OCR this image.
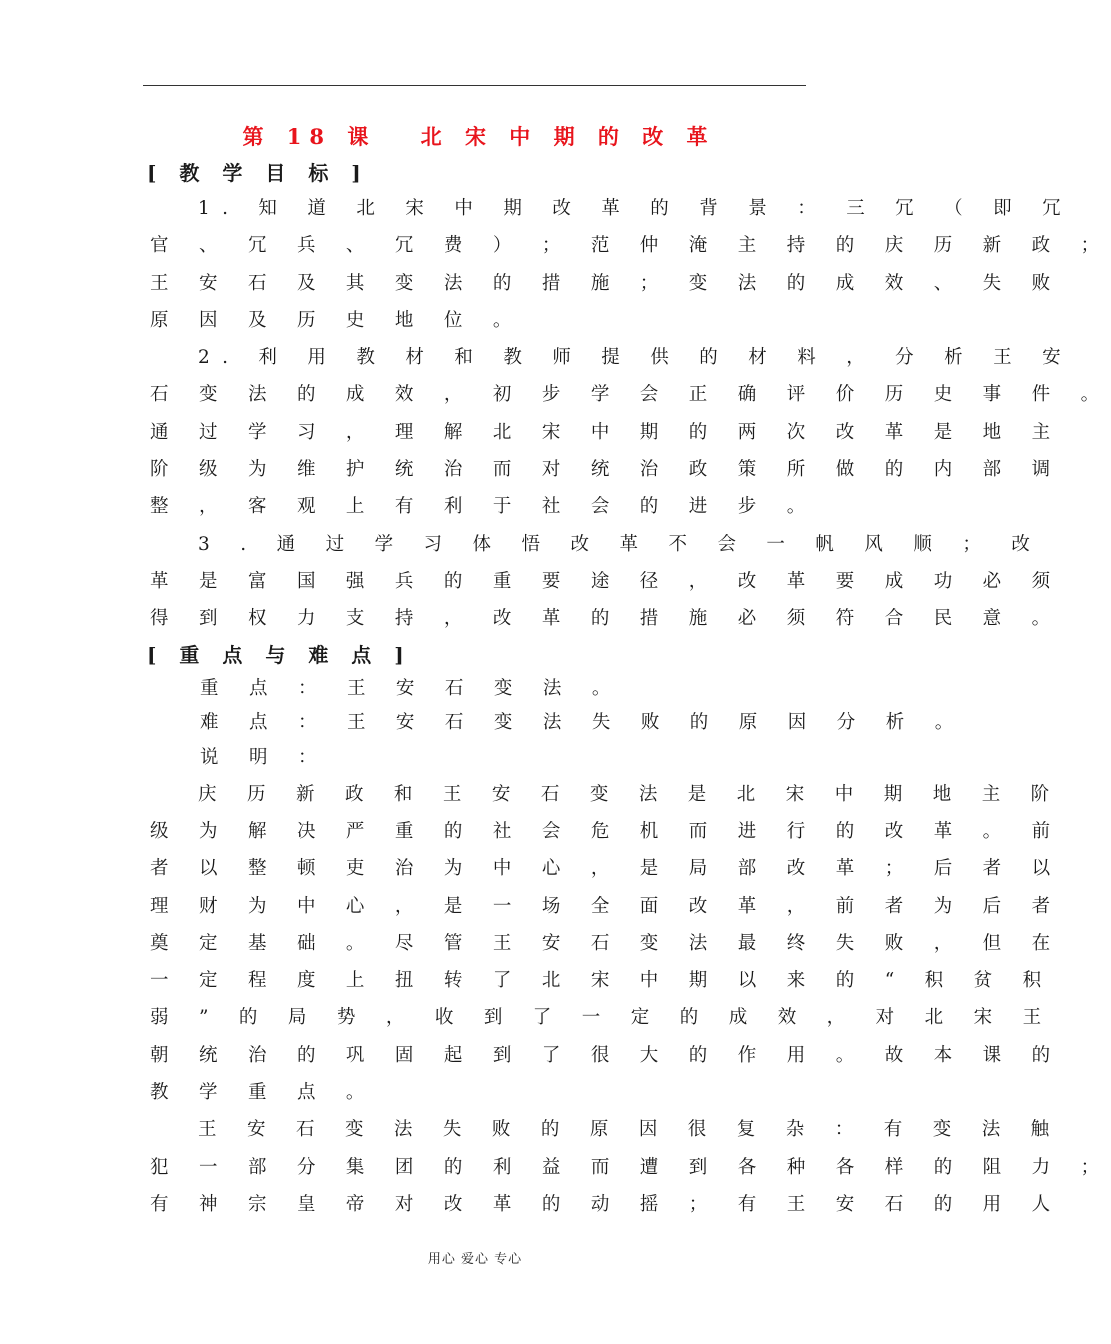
第 18 课　 北 宋 中 期 的 改 革
[ 教 学 目 标 ]

1. 知 道 北 宋 中 期 改 革 的 背 景 ： 三 冗 （ 即 冗

官 、 冗 兵 、 冗 费 ） ； 范 仲 淹 主 持 的 庆 历 新 政 ；

王 安 石 及 其 变 法 的 措 施 ； 变 法 的 成 效 、 失 败

原 因 及 历 史 地 位 。

2. 利 用 教 材 和 教 师 提 供 的 材 料 ， 分 析 王 安

石 变 法 的 成 效 ， 初 步 学 会 正 确 评 价 历 史 事 件 。

通 过 学 习 ， 理 解 北 宋 中 期 的 两 次 改 革 是 地 主

阶 级 为 维 护 统 治 而 对 统 治 政 策 所 做 的 内 部 调

整 ， 客 观 上 有 利 于 社 会 的 进 步 。

3 . 通 过 学 习 体 悟 改 革 不 会 一 帆 风 顺 ； 改

革 是 富 国 强 兵 的 重 要 途 径 ， 改 革 要 成 功 必 须

得 到 权 力 支 持 ， 改 革 的 措 施 必 须 符 合 民 意 。

[ 重 点 与 难 点 ]

重 点 ： 王 安 石 变 法 。

难 点 ： 王 安 石 变 法 失 败 的 原 因 分 析 。

说 明 ：

庆 历 新 政 和 王 安 石 变 法 是 北 宋 中 期 地 主 阶

级 为 解 决 严 重 的 社 会 危 机 而 进 行 的 改 革 。 前

者 以 整 顿 吏 治 为 中 心 ， 是 局 部 改 革 ； 后 者 以

理 财 为 中 心 ， 是 一 场 全 面 改 革 ， 前 者 为 后 者

奠 定 基 础 。 尽 管 王 安 石 变 法 最 终 失 败 ， 但 在

一 定 程 度 上 扭 转 了 北 宋 中 期 以 来 的 “ 积 贫 积

弱 ” 的 局 势 ， 收 到 了 一 定 的 成 效 ， 对 北 宋 王

朝 统 治 的 巩 固 起 到 了 很 大 的 作 用 。 故 本 课 的

教 学 重 点 。

王 安 石 变 法 失 败 的 原 因 很 复 杂 ： 有 变 法 触

犯 一 部 分 集 团 的 利 益 而 遭 到 各 种 各 样 的 阻 力 ；

有 神 宗 皇 帝 对 改 革 的 动 摇 ； 有 王 安 石 的 用 人

用心 爱心 专心
